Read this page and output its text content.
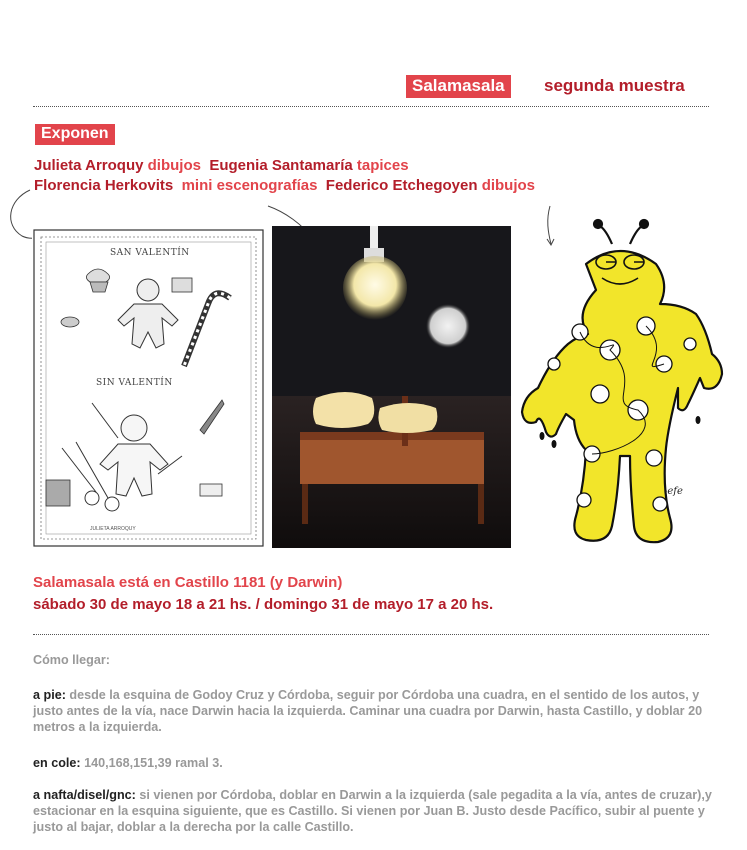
Salamasala	segunda muestra
Exponen
Julieta Arroquy dibujos Eugenia Santamaría tapices
Florencia Herkovits mini escenografías Federico Etchegoyen dibujos
JULIETA ARROQUY
SAN VALENTÍN
SIN VALENTÍN
-efe
Salamasala está en Castillo 1181 (y Darwin)
sábado 30 de mayo 18 a 21 hs. / domingo 31 de mayo 17 a 20 hs.
Cómo llegar:
a pie: desde la esquina de Godoy Cruz y Córdoba, seguir por Córdoba una cuadra, en el sentido de los autos, y justo antes de la vía, nace Darwin hacia la izquierda. Caminar una cuadra por Darwin, hasta Castillo, y doblar 20 metros a la izquierda.
en cole: 140,168,151,39 ramal 3.
a nafta/disel/gnc: si vienen por Córdoba, doblar en Darwin a la izquierda (sale pegadita a la vía, antes de cruzar),y estacionar en la esquina siguiente, que es Castillo. Si vienen por Juan B. Justo desde Pacífico, subir al puente y justo al bajar, doblar a la derecha por la calle Castillo.
